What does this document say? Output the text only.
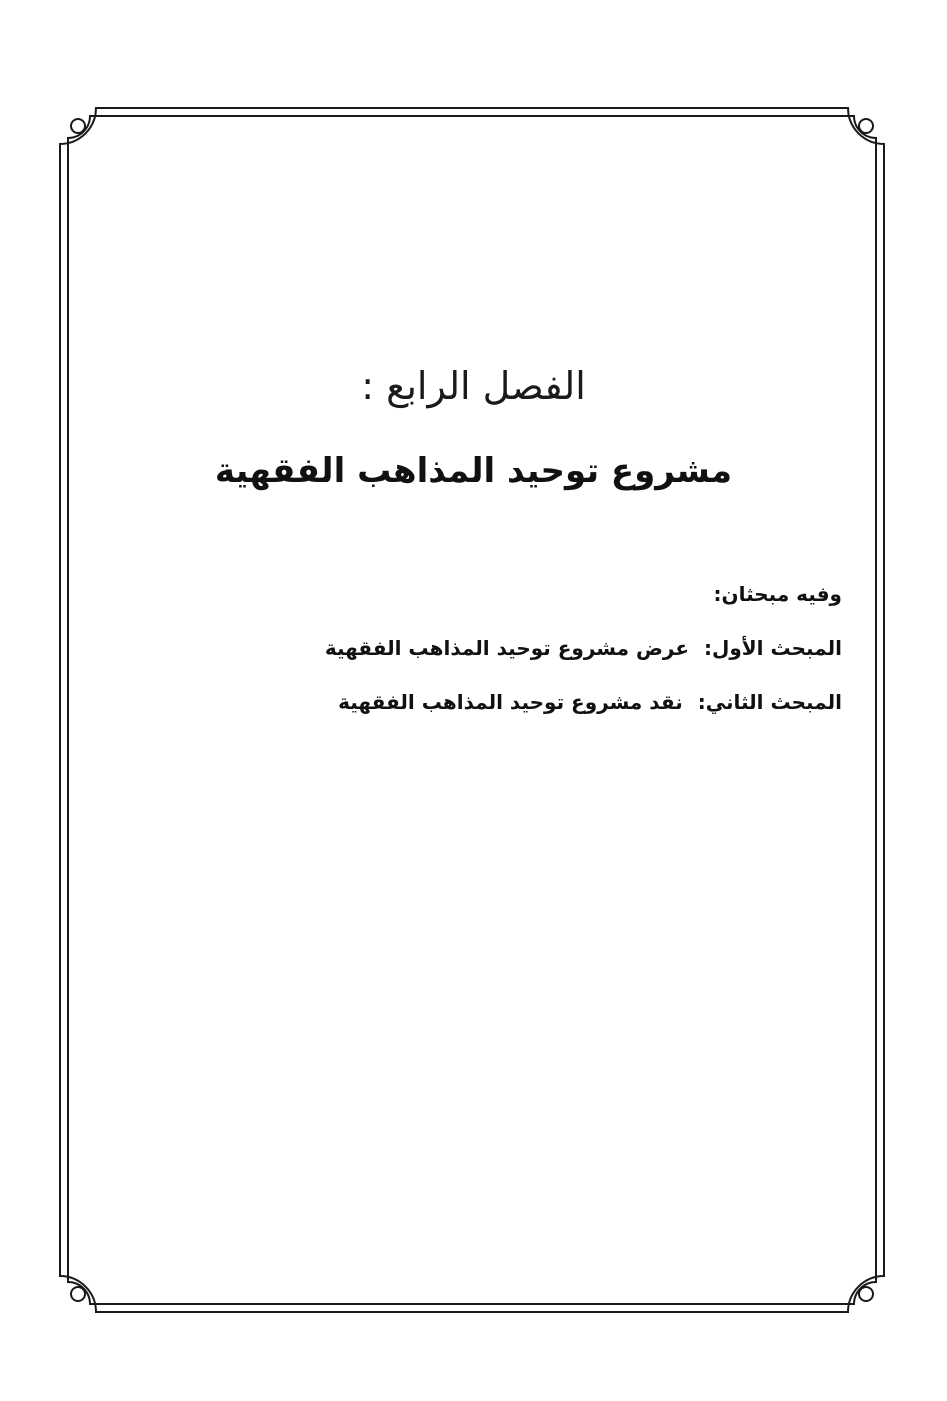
الفصل الرابع :
مشروع توحيد المذاهب الفقهية
وفيه مبحثان:
المبحث الأول: عرض مشروع توحيد المذاهب الفقهية
المبحث الثاني: نقد مشروع توحيد المذاهب الفقهية
